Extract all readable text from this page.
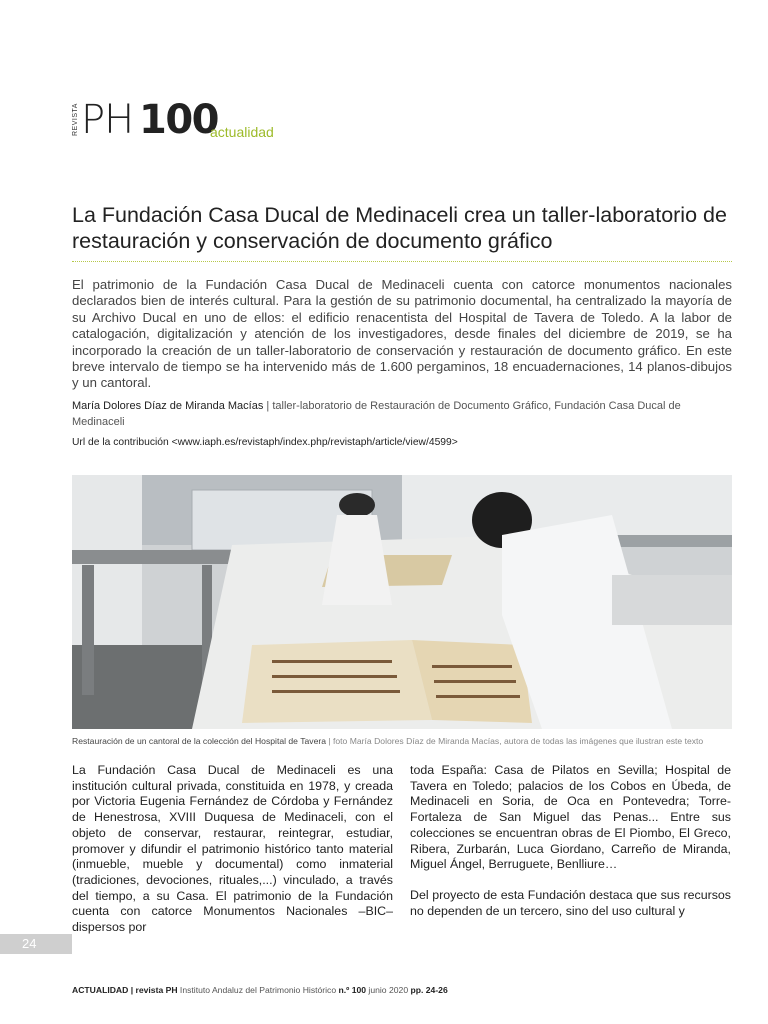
REVISTA PH 100
actualidad
La Fundación Casa Ducal de Medinaceli crea un taller-laboratorio de restauración y conservación de documento gráfico

El patrimonio de la Fundación Casa Ducal de Medinaceli cuenta con catorce monumentos nacionales declarados bien de interés cultural. Para la gestión de su patrimonio documental, ha centralizado la mayoría de su Archivo Ducal en uno de ellos: el edificio renacentista del Hospital de Tavera de Toledo. A la labor de catalogación, digitalización y atención de los investigadores, desde finales del diciembre de 2019, se ha incorporado la creación de un taller-laboratorio de conservación y restauración de documento gráfico. En este breve intervalo de tiempo se ha intervenido más de 1.600 pergaminos, 18 encuadernaciones, 14 planos-dibujos y un cantoral.

María Dolores Díaz de Miranda Macías | taller-laboratorio de Restauración de Documento Gráfico, Fundación Casa Ducal de Medinaceli

Url de la contribución <www.iaph.es/revistaph/index.php/revistaph/article/view/4599>

Restauración de un cantoral de la colección del Hospital de Tavera | foto María Dolores Díaz de Miranda Macías, autora de todas las imágenes que ilustran este texto

La Fundación Casa Ducal de Medinaceli es una institución cultural privada, constituida en 1978, y creada por Victoria Eugenia Fernández de Córdoba y Fernández de Henestrosa, XVIII Duquesa de Medinaceli, con el objeto de conservar, restaurar, reintegrar, estudiar, promover y difundir el patrimonio histórico tanto material (inmueble, mueble y documental) como inmaterial (tradiciones, devociones, rituales,...) vinculado, a través del tiempo, a su Casa. El patrimonio de la Fundación cuenta con catorce Monumentos Nacionales –BIC– dispersos por

toda España: Casa de Pilatos en Sevilla; Hospital de Tavera en Toledo; palacios de los Cobos en Úbeda, de Medinaceli en Soria, de Oca en Pontevedra; Torre-Fortaleza de San Miguel das Penas... Entre sus colecciones se encuentran obras de El Piombo, El Greco, Ribera, Zurbarán, Luca Giordano, Carreño de Miranda, Miguel Ángel, Berruguete, Benlliure…

Del proyecto de esta Fundación destaca que sus recursos no dependen de un tercero, sino del uso cultural y

24

ACTUALIDAD | revista PH Instituto Andaluz del Patrimonio Histórico n.º 100 junio 2020 pp. 24-26
